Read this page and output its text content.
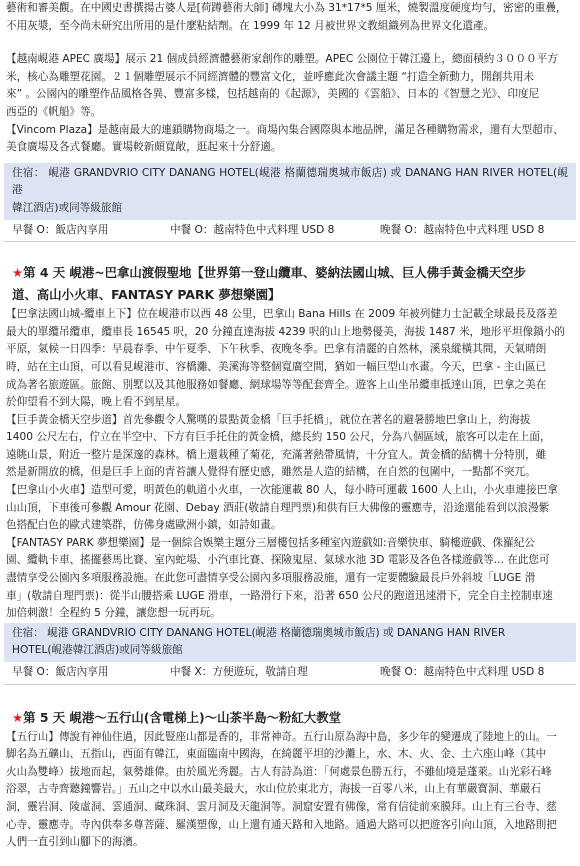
藝術和審美觀。在中國史書撰揚古婆人是[荷蹲藝術大師] 磚塊大小為 31*17*5 厘米，燒製溫度硬度均勻，密密的重疊，

不用灰漿，至今尚未研究出所用的是什麼粘結劑。在 1999 年 12 月被世界文教組織列為世界文化遺產。

【越南峴港 APEC 廣場】展示 21 個成員經濟體藝術家創作的雕塑。APEC 公園位于韓江邊上，總面積約３０００平方

米，核心為雕塑花園。２１個雕塑展示不同經濟體的豐富文化，並呼應此次會議主題 “打造全新動力，開創共用未

來” 。公園內的雕塑作品風格各異、豐富多樣，包括越南的《起源》，美國的《雲船》、日本的《智慧之光》、印度尼

西亞的《帆船》等。

【Vincom Plaza】是越南最大的連鎖購物商場之一。商場內集合國際與本地品牌，滿足各種購物需求，還有大型超市、

美食廣場及各式餐廳。實場較新頗寬敞，逛起來十分舒適。

住宿： 峴港 GRANDVRIO CITY DANANG HOTEL(峴港 格蘭德瑞奧城市飯店) 或 DANANG HAN RIVER HOTEL(峴港

韓江酒店)或同等級旅館

早餐 O：飯店內享用	中餐 O：越南特色中式料理 USD 8	晚餐 O：越南特色中式料理 USD 8
★第 4 天 峴港~巴拿山渡假聖地【世界第一登山纜車、婆納法國山城、巨人佛手黃金橋天空步
道、高山小火車、FANTASY PARK 夢想樂園】

【巴拿法國山城-纜車上下】位在峴港市以西 48 公里，巴拿山 Bana Hills 在 2009 年被列健力士記載全球最長及落差

最大的單纜吊纜車，纜車長 16545 呎，20 分鐘直達海拔 4239 呎的山上地勢優美，海拔 1487 米，地形平坦像鍋小的

平原，氣候一日四季：早晨春季、中午夏季、下午秋季、夜晚冬季。巴拿有清麗的自然林，溪泉縱橫其間，天氣晴朗

時，站在主山頂，可以看見峴港市、容橋灘、美溪海等整個寬廣空間，猶如一幅巨型山水畫。今天，巴拿 - 主山區已

成為著名旅遊區。旅館、別墅以及其他服務如餐廳、網球場等等配套齊全。遊客上山坐吊纜車抵達山頂，巴拿之美在

於仰望看不到大陽，晚上看不到星星。

【巨手黃金橋天空步道】首先參觀令人驚嘆的景點黃金橋「巨手托橋」，就位在著名的避暑勝地巴拿山上，約海拔

1400 公尺左右，佇立在半空中、下方有巨手托住的黃金橋，總長約 150 公尺，分為八個區域，旅客可以走在上面，

遠眺山景，附近一整片是深邃的森林。橋上還栽種了菊花，充滿著熱帶風情，十分宜人。黃金橋的結構十分特別，雖

然是新開放的橋，但是巨手上面的青苔讓人覺得有歷史感，雖然是人造的結構，在自然的包圍中，一點都不突兀。

【巴拿山小火車】造型可愛，明黃色的軌道小火車，一次能運載 80 人，每小時可運載 1600 人上山，小火車連接巴拿

山山頂，下車後可參觀 Amour 花園、Debay 酒莊(敬請自理門票)和供有巨大佛像的靈應寺，沿途還能看到以浪漫紫

色搭配白色的歐式建築群，仿佛身處歐洲小鎮，如詩如畫。

【FANTASY PARK 夢想樂園】是一個綜合娛樂主題分三層樓包括多種室內遊戲如:音樂快車、騎樓遊戲、侏羅紀公

園、纜軌卡車、搖擺藝馬比賽、室內蛇場、小汽車比賽、探險鬼屋、氣球水池 3D 電影及各色各樣遊戲等... 在此您可

盡情享受公園內多項服務設施。在此您可盡情享受公園內多項服務設施，還有一定要體驗最長戶外斜坡「LUGE 滑

車」(敬請自理門票)：從半山腰搭乘 LUGE 滑車，一路滑行下來，沿著 650 公尺的跑道迅速滑下，完全自主控制車速

加倍刺激！全程約 5 分鐘，讓您想一玩再玩。

住宿： 峴港 GRANDVRIO CITY DANANG HOTEL(峴港 格蘭德瑞奧城市飯店) 或 DANANG HAN RIVER

HOTEL(峴港韓江酒店)或同等級旅館

早餐 O：飯店內享用	中餐 X：方便遊玩，敬請自理	晚餐 O：越南特色中式料理 USD 8
★第 5 天 峴港～五行山(含電梯上)～山茶半島～粉紅大教堂

【五行山】傳說有神仙住過，因此豎座山都是香的，非常神奇。五行山原為海中島，多少年的變遷成了陸地上的山。一

脚名為五礦山、五指山，西面有韓江，東面臨南中國海，在綺麗平坦的沙灘上，水、木、火、金、土六座山峰（其中

火山為雙峰）拔地而起，氣勢雄偉。由於風光秀麗。古人有詩為道：「何處景色勝五行，不雖仙境是蓬萊。山光彩石峰

浴翠，古寺齊聽鐘響岩。」五山之中以水山最美最大，水山位於東北方，海拔一百零八米，山上有華嚴寶洞、華嚴石

洞，靈岩洞、陵虛洞、雲通洞、藏珠洞、雲月洞及天龍洞等。洞窟安置有佛像，常有信徒前來膜拜。山上有三台寺、慈

心寺、靈應寺。寺內供奉多尊菩薩、羅漢塑像，山上還有通天路和入地路。通過大路可以把遊客引向山頂，入地路則把

人們一直引到山腳下的海濱。
